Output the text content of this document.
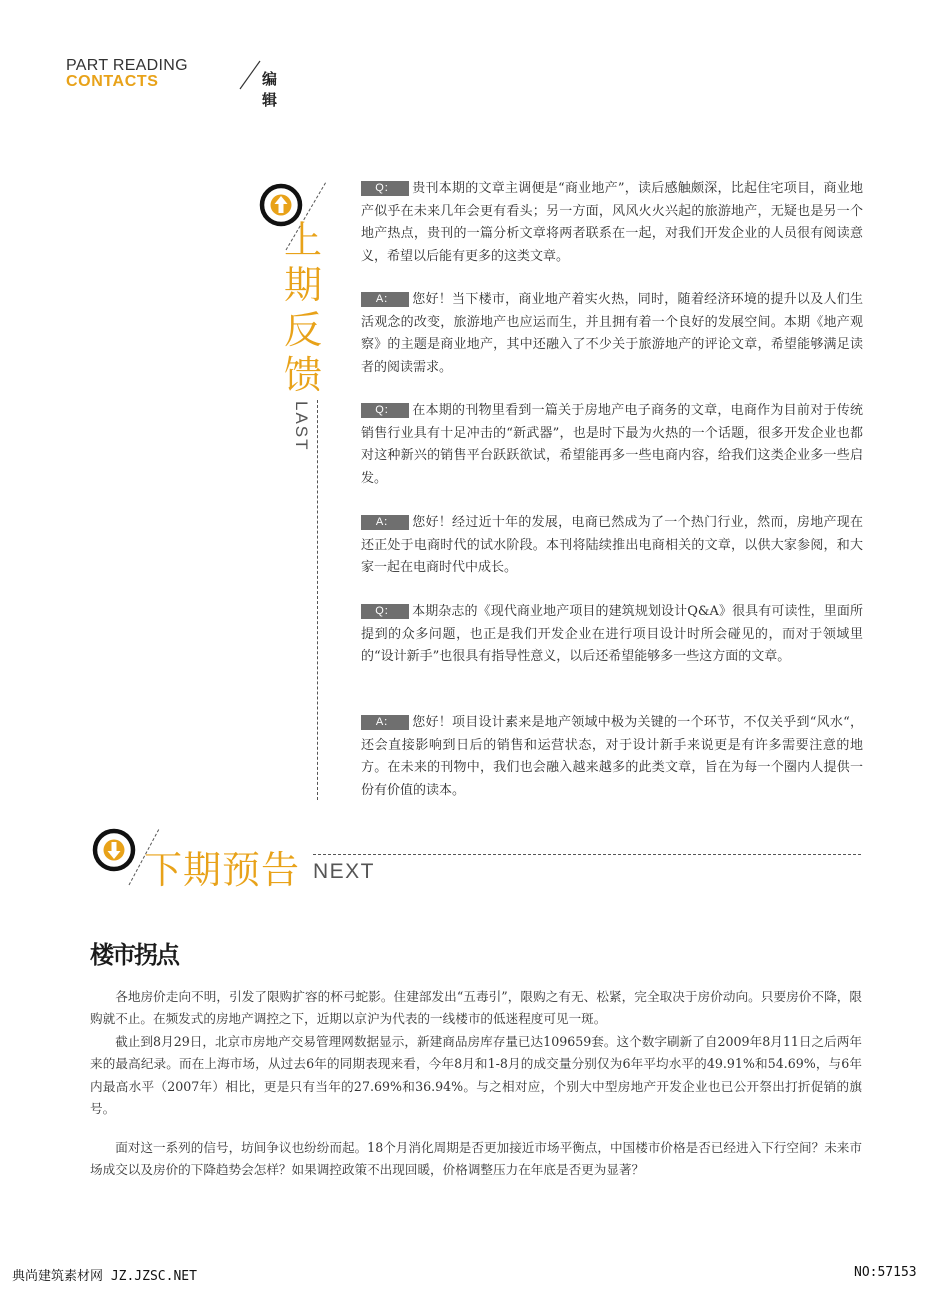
PART READING
CONTACTS	编辑
上
期
反
馈
LAST

Q： 贵刊本期的文章主调便是“商业地产”，读后感触颇深，比起住宅项目，商业地产似乎在未来几年会更有看头；另一方面，风风火火兴起的旅游地产，无疑也是另一个地产热点，贵刊的一篇分析文章将两者联系在一起，对我们开发企业的人员很有阅读意义，希望以后能有更多的这类文章。

A： 您好！当下楼市，商业地产着实火热，同时，随着经济环境的提升以及人们生活观念的改变，旅游地产也应运而生，并且拥有着一个良好的发展空间。本期《地产观察》的主题是商业地产，其中还融入了不少关于旅游地产的评论文章，希望能够满足读者的阅读需求。

Q： 在本期的刊物里看到一篇关于房地产电子商务的文章，电商作为目前对于传统销售行业具有十足冲击的“新武器”，也是时下最为火热的一个话题，很多开发企业也都对这种新兴的销售平台跃跃欲试，希望能再多一些电商内容，给我们这类企业多一些启发。

A： 您好！经过近十年的发展，电商已然成为了一个热门行业，然而，房地产现在还正处于电商时代的试水阶段。本刊将陆续推出电商相关的文章，以供大家参阅，和大家一起在电商时代中成长。

Q： 本期杂志的《现代商业地产项目的建筑规划设计Q&A》很具有可读性，里面所提到的众多问题，也正是我们开发企业在进行项目设计时所会碰见的，而对于领域里的“设计新手”也很具有指导性意义，以后还希望能够多一些这方面的文章。

A： 您好！项目设计素来是地产领域中极为关键的一个环节，不仅关乎到“风水“，还会直接影响到日后的销售和运营状态，对于设计新手来说更是有许多需要注意的地方。在未来的刊物中，我们也会融入越来越多的此类文章，旨在为每一个圈内人提供一份有价值的读本。

下期预告 NEXT
楼市拐点

各地房价走向不明，引发了限购扩容的杯弓蛇影。住建部发出“五毒引”，限购之有无、松紧，完全取决于房价动向。只要房价不降，限购就不止。在频发式的房地产调控之下，近期以京沪为代表的一线楼市的低迷程度可见一斑。

截止到8月29日，北京市房地产交易管理网数据显示，新建商品房库存量已达109659套。这个数字刷新了自2009年8月11日之后两年来的最高纪录。而在上海市场，从过去6年的同期表现来看，今年8月和1-8月的成交量分别仅为6年平均水平的49.91%和54.69%，与6年内最高水平（2007年）相比，更是只有当年的27.69%和36.94%。与之相对应，个别大中型房地产开发企业也已公开祭出打折促销的旗号。

面对这一系列的信号，坊间争议也纷纷而起。18个月消化周期是否更加接近市场平衡点，中国楼市价格是否已经进入下行空间？未来市场成交以及房价的下降趋势会怎样？如果调控政策不出现回暖，价格调整压力在年底是否更为显著？

典尚建筑素材网 JZ.JZSC.NET	NO:57153
